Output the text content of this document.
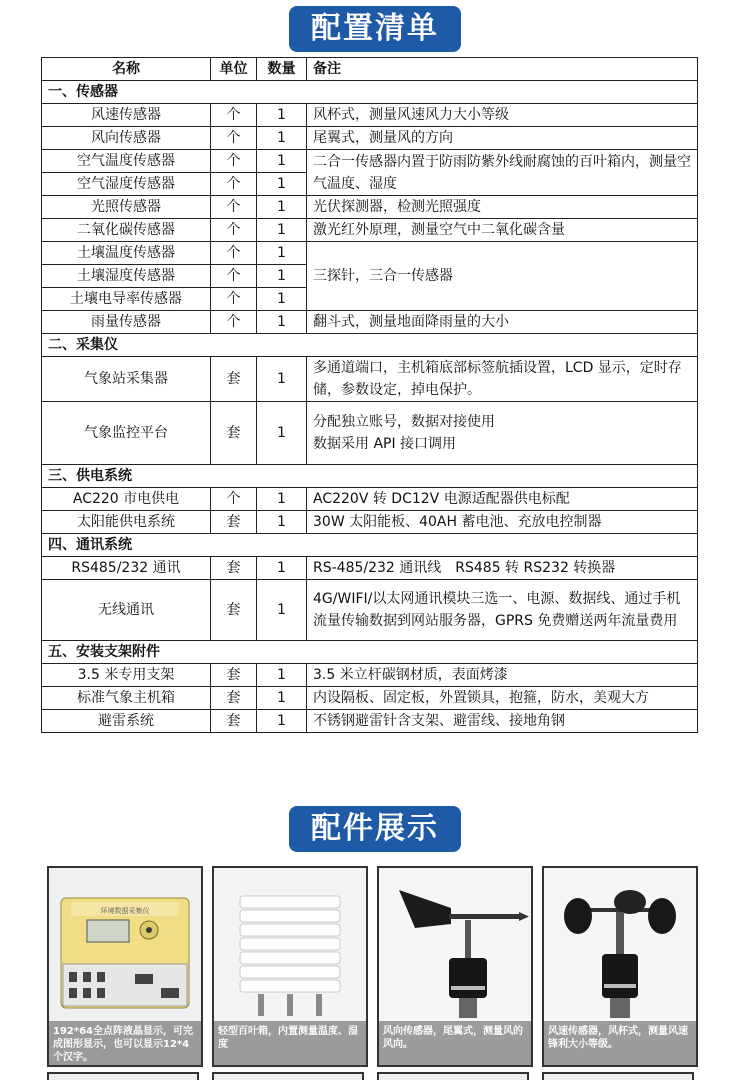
配置清单
名称	单位	数量	备注
一、传感器			
风速传感器	个	1	风杯式，测量风速风力大小等级
风向传感器	个	1	尾翼式，测量风的方向
空气温度传感器	个	1	二合一传感器内置于防雨防紫外线耐腐蚀的百叶箱内，测量空气温度、湿度
空气湿度传感器	个	1	
光照传感器	个	1	光伏探测器，检测光照强度
二氧化碳传感器	个	1	激光红外原理，测量空气中二氧化碳含量
土壤温度传感器	个	1	三探针，三合一传感器
土壤湿度传感器	个	1	
土壤电导率传感器	个	1	
雨量传感器	个	1	翻斗式，测量地面降雨量的大小
二、采集仪			
气象站采集器	套	1	多通道端口，主机箱底部标签航插设置，LCD 显示，定时存储，参数设定，掉电保护。
气象监控平台	套	1	分配独立账号，数据对接使用
数据采用 API 接口调用

三、供电系统			
AC220 市电供电	个	1	AC220V 转 DC12V 电源适配器供电标配
太阳能供电系统	套	1	30W 太阳能板、40AH 蓄电池、充放电控制器
四、通讯系统			
RS485/232 通讯	套	1	RS-485/232 通讯线　RS485 转 RS232 转换器
无线通讯	套	1	4G/WIFI/以太网通讯模块三选一、电源、数据线、通过手机流量传输数据到网站服务器，GPRS 免费赠送两年流量费用
五、安装支架附件			
3.5 米专用支架	套	1	3.5 米立杆碳钢材质，表面烤漆
标准气象主机箱	套	1	内设隔板、固定板，外置锁具，抱箍，防水，美观大方
避雷系统	套	1	不锈钢避雷针含支架、避雷线、接地角钢
配件展示
环境数据采集仪
192*64全点阵液晶显示，可完成图形显示，也可以显示12*4个汉字。
轻型百叶箱，内置测量温度、湿度
风向传感器，尾翼式，测量风的风向。
风速传感器，风杯式，测量风速锋利大小等级。
